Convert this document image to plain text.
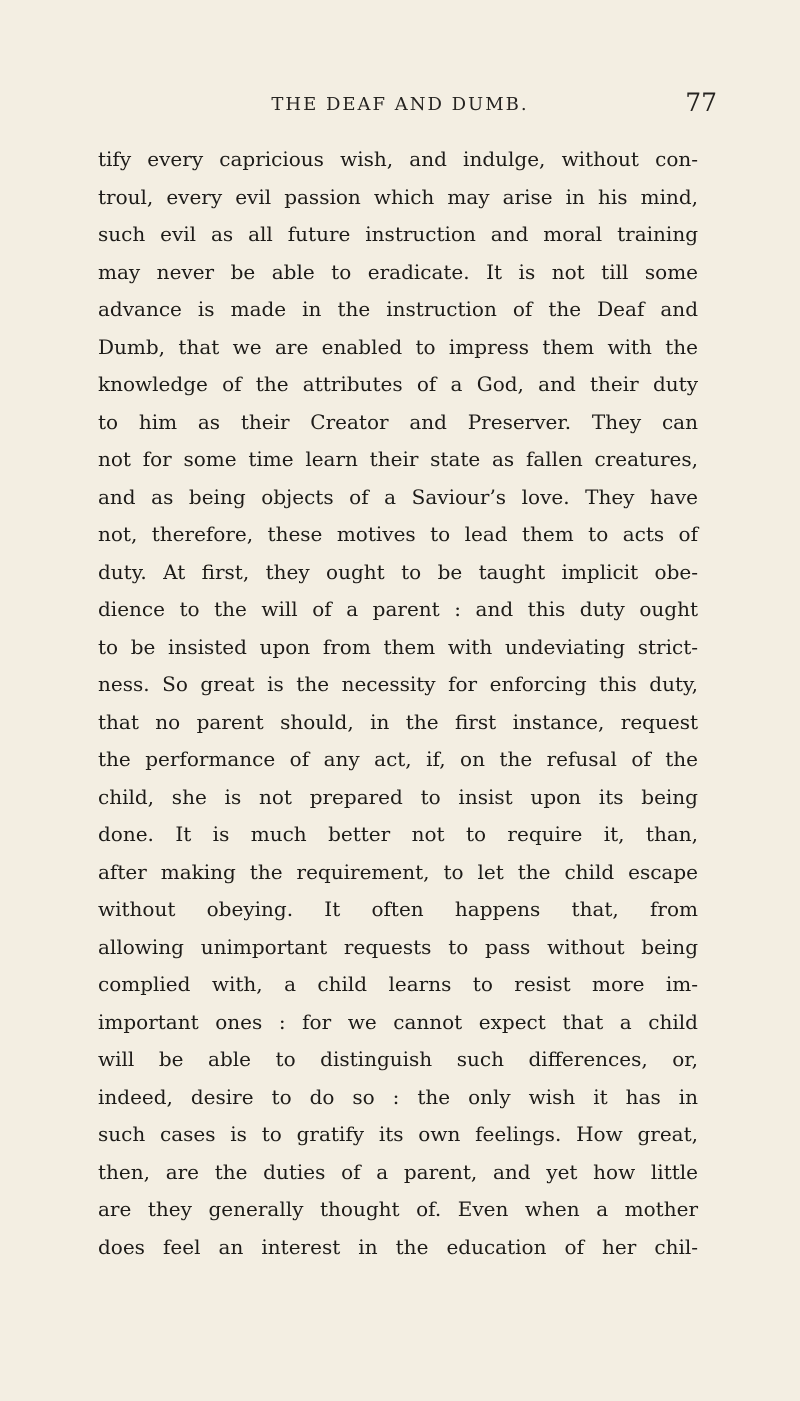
THE DEAF AND DUMB.	77
tify every capricious wish, and indulge, without con-
troul, every evil passion which may arise in his mind,
such evil as all future instruction and moral training
may never be able to eradicate. It is not till some
advance is made in the instruction of the Deaf and
Dumb, that we are enabled to impress them with the
knowledge of the attributes of a God, and their duty
to him as their Creator and Preserver. They can
not for some time learn their state as fallen creatures,
and as being objects of a Saviour’s love. They have
not, therefore, these motives to lead them to acts of
duty. At first, they ought to be taught implicit obe-
dience to the will of a parent : and this duty ought
to be insisted upon from them with undeviating strict-
ness. So great is the necessity for enforcing this duty,
that no parent should, in the first instance, request
the performance of any act, if, on the refusal of the
child, she is not prepared to insist upon its being
done. It is much better not to require it, than,
after making the requirement, to let the child escape
without obeying. It often happens that, from
allowing unimportant requests to pass without being
complied with, a child learns to resist more im-
important ones : for we cannot expect that a child
will be able to distinguish such differences, or,
indeed, desire to do so : the only wish it has in
such cases is to gratify its own feelings. How great,
then, are the duties of a parent, and yet how little
are they generally thought of. Even when a mother
does feel an interest in the education of her chil-
